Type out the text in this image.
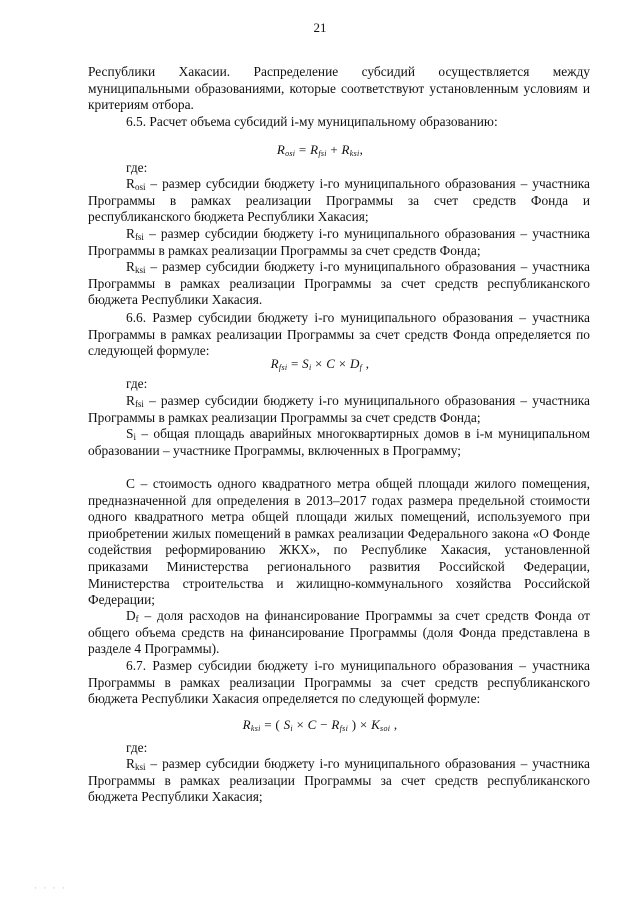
21
Республики Хакасии. Распределение субсидий осуществляется между муниципальными образованиями, которые соответствуют установленным условиям и критериям отбора.
6.5. Расчет объема субсидий i-му муниципальному образованию:
$R_{osi} = R_{fsi} + R_{ksi}$,
где:
$R_{osi}$ – размер субсидии бюджету i-го муниципального образования – участника Программы в рамках реализации Программы за счет средств Фонда и республиканского бюджета Республики Хакасия;
$R_{fsi}$ – размер субсидии бюджету i-го муниципального образования – участника Программы в рамках реализации Программы за счет средств Фонда;
$R_{ksi}$ – размер субсидии бюджету i-го муниципального образования – участника Программы в рамках реализации Программы за счет средств республиканского бюджета Республики Хакасия.
6.6. Размер субсидии бюджету i-го муниципального образования – участника Программы в рамках реализации Программы за счет средств Фонда определяется по следующей формуле:
$R_{fsi} = S_i \times C \times D_f$ ,
где:
$R_{fsi}$ – размер субсидии бюджету i-го муниципального образования – участника Программы в рамках реализации Программы за счет средств Фонда;
$S_i$ – общая площадь аварийных многоквартирных домов в i-м муниципальном образовании – участнике Программы, включенных в Программу;
С – стоимость одного квадратного метра общей площади жилого помещения, предназначенной для определения в 2013–2017 годах размера предельной стоимости одного квадратного метра общей площади жилых помещений, используемого при приобретении жилых помещений в рамках реализации Федерального закона «О Фонде содействия реформированию ЖКХ», по Республике Хакасия, установленной приказами Министерства регионального развития Российской Федерации, Министерства строительства и жилищно-коммунального хозяйства Российской Федерации;
$D_f$ – доля расходов на финансирование Программы за счет средств Фонда от общего объема средств на финансирование Программы (доля Фонда представлена в разделе 4 Программы).
6.7. Размер субсидии бюджету i-го муниципального образования – участника Программы в рамках реализации Программы за счет средств республиканского бюджета Республики Хакасия определяется по следующей формуле:
$R_{ksi}$ = ( $S_i \times C - R_{fsi}$ ) × $K_{soi}$ ,
где:
$R_{ksi}$ – размер субсидии бюджету i-го муниципального образования – участника Программы в рамках реализации Программы за счет средств республиканского бюджета Республики Хакасия;
· · · ·
